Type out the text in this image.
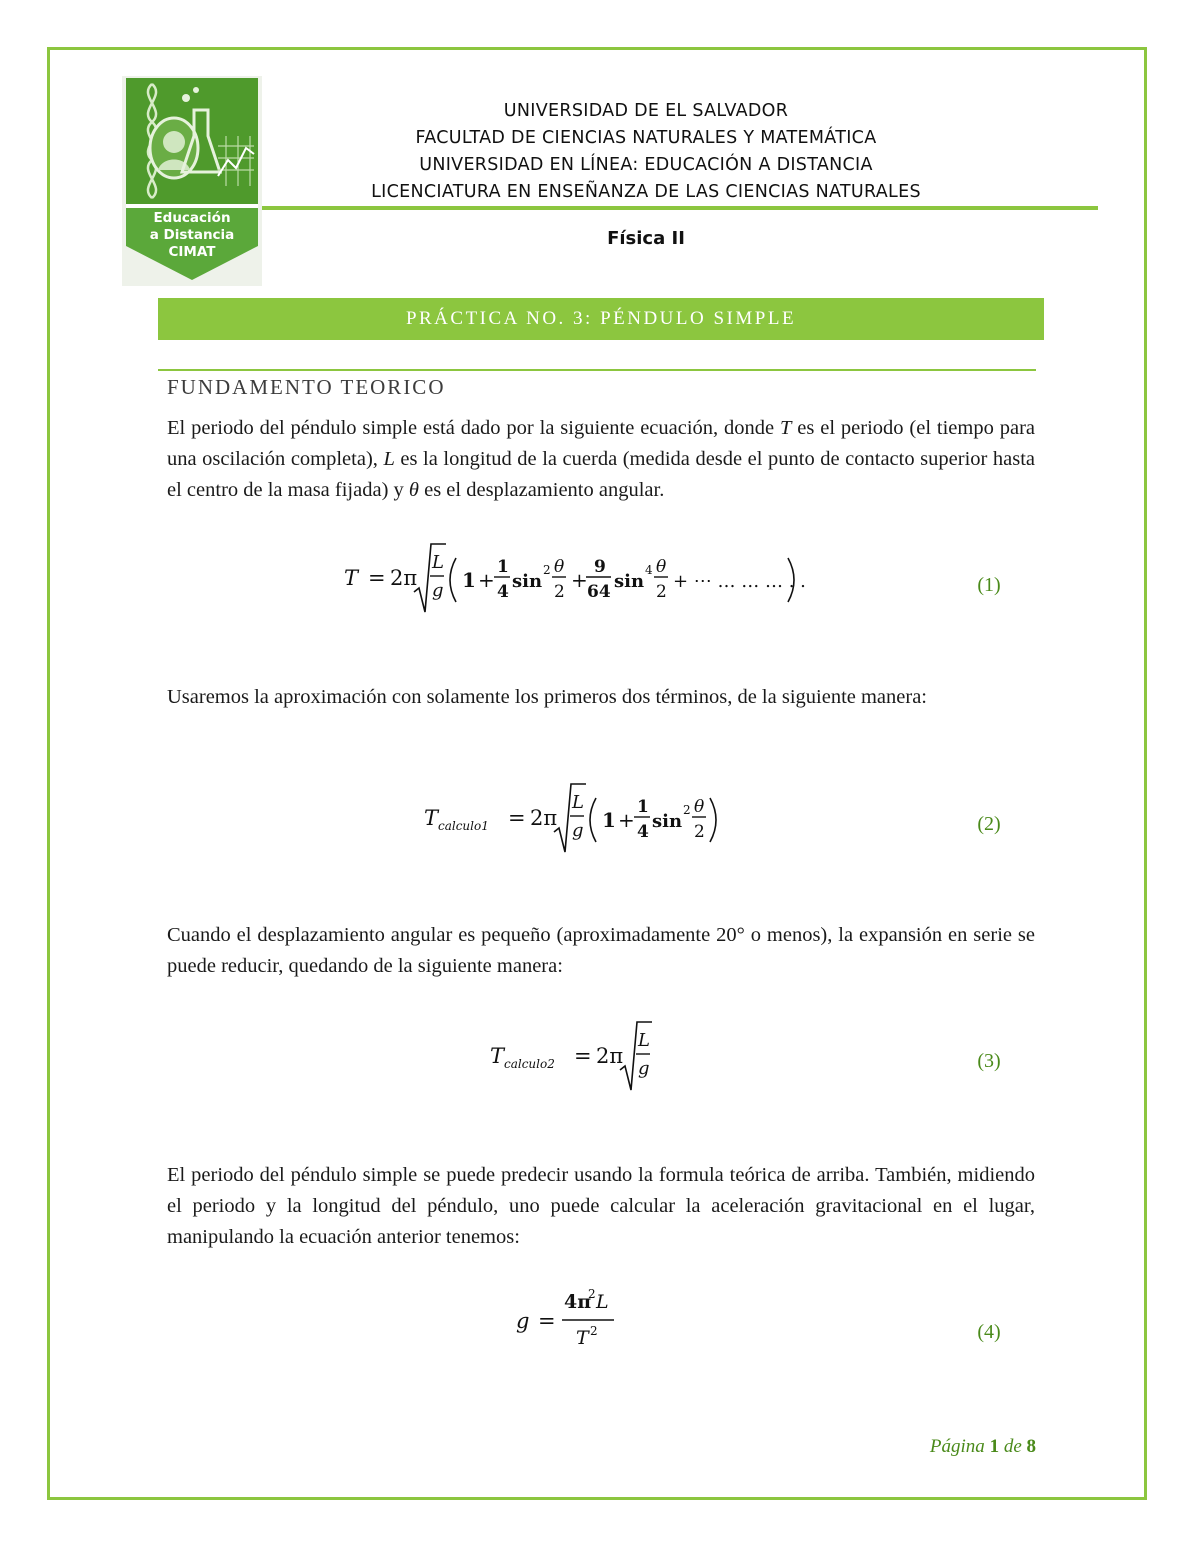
Educación
a Distancia
CIMAT
UNIVERSIDAD DE EL SALVADOR
FACULTAD DE CIENCIAS NATURALES Y MATEMÁTICA
UNIVERSIDAD EN LÍNEA: EDUCACIÓN A DISTANCIA
LICENCIATURA EN ENSEÑANZA DE LAS CIENCIAS NATURALES
Física II
PRÁCTICA NO. 3: PÉNDULO SIMPLE
FUNDAMENTO TEORICO
El periodo del péndulo simple está dado por la siguiente ecuación, donde T es el periodo (el tiempo para una oscilación completa), L es la longitud de la cuerda (medida desde el punto de contacto superior hasta el centro de la masa fijada) y θ es el desplazamiento angular.
T = 2π
L
g 1 +
1
4 sin
2 θ
2 +
9
64 sin
4 θ
2 + ⋯ … … … . .	(1)
Usaremos la aproximación con solamente los primeros dos términos, de la siguiente manera:
T calculo1 = 2π
L
g 1 +
1
4 sin
2 θ
2	(2)
Cuando el desplazamiento angular es pequeño (aproximadamente 20° o menos), la expansión en serie se puede reducir, quedando de la siguiente manera:
T calculo2 = 2π
L
g	(3)
El periodo del péndulo simple se puede predecir usando la formula teórica de arriba. También, midiendo el periodo y la longitud del péndulo, uno puede calcular la aceleración gravitacional en el lugar, manipulando la ecuación anterior tenemos:
g =
4π
2 L
T 2	(4)
Página 1 de 8
